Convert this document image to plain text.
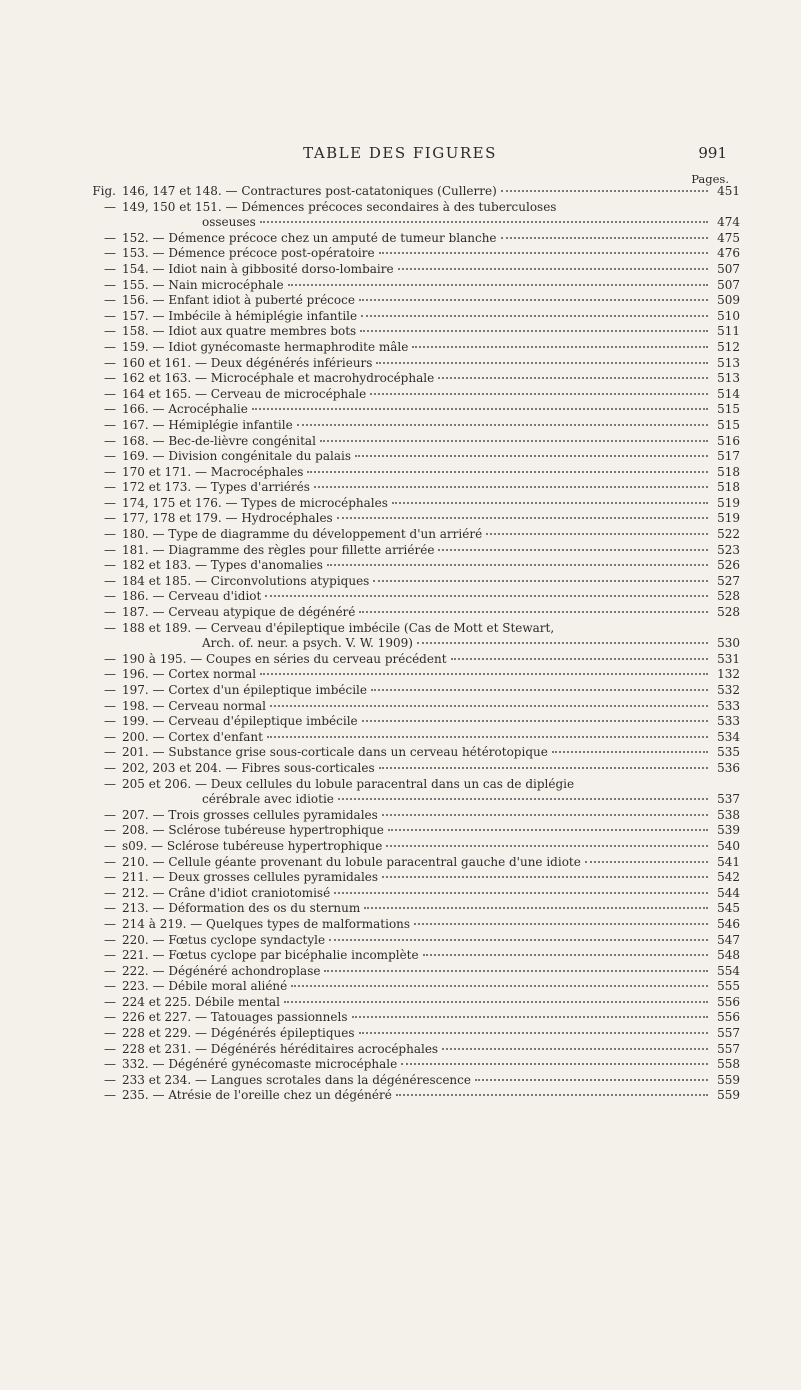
TABLE DES FIGURES	991
Pages.
Fig. 146, 147 et 148. — Contractures post-catatoniques (Cullerre)	451
— 149, 150 et 151. — Démences précoces secondaires à des tuberculoses
osseuses	474
— 152. — Démence précoce chez un amputé de tumeur blanche	475
— 153. — Démence précoce post-opératoire	476
— 154. — Idiot nain à gibbosité dorso-lombaire	507
— 155. — Nain microcéphale	507
— 156. — Enfant idiot à puberté précoce	509
— 157. — Imbécile à hémiplégie infantile	510
— 158. — Idiot aux quatre membres bots	511
— 159. — Idiot gynécomaste hermaphrodite mâle	512
— 160 et 161. — Deux dégénérés inférieurs	513
— 162 et 163. — Microcéphale et macrohydrocéphale	513
— 164 et 165. — Cerveau de microcéphale	514
— 166. — Acrocéphalie	515
— 167. — Hémiplégie infantile	515
— 168. — Bec-de-lièvre congénital	516
— 169. — Division congénitale du palais	517
— 170 et 171. — Macrocéphales	518
— 172 et 173. — Types d'arriérés	518
— 174, 175 et 176. — Types de microcéphales	519
— 177, 178 et 179. — Hydrocéphales	519
— 180. — Type de diagramme du développement d'un arriéré	522
— 181. — Diagramme des règles pour fillette arriérée	523
— 182 et 183. — Types d'anomalies	526
— 184 et 185. — Circonvolutions atypiques	527
— 186. — Cerveau d'idiot	528
— 187. — Cerveau atypique de dégénéré	528
— 188 et 189. — Cerveau d'épileptique imbécile (Cas de Mott et Stewart,
Arch. of. neur. a psych. V. W. 1909)	530
— 190 à 195. — Coupes en séries du cerveau précédent	531
— 196. — Cortex normal	132
— 197. — Cortex d'un épileptique imbécile	532
— 198. — Cerveau normal	533
— 199. — Cerveau d'épileptique imbécile	533
— 200. — Cortex d'enfant	534
— 201. — Substance grise sous-corticale dans un cerveau hétérotopique	535
— 202, 203 et 204. — Fibres sous-corticales	536
— 205 et 206. — Deux cellules du lobule paracentral dans un cas de diplégie
cérébrale avec idiotie	537
— 207. — Trois grosses cellules pyramidales	538
— 208. — Sclérose tubéreuse hypertrophique	539
— s09. — Sclérose tubéreuse hypertrophique	540
— 210. — Cellule géante provenant du lobule paracentral gauche d'une idiote	541
— 211. — Deux grosses cellules pyramidales	542
— 212. — Crâne d'idiot craniotomisé	544
— 213. — Déformation des os du sternum	545
— 214 à 219. — Quelques types de malformations	546
— 220. — Fœtus cyclope syndactyle	547
— 221. — Fœtus cyclope par bicéphalie incomplète	548
— 222. — Dégénéré achondroplase	554
— 223. — Débile moral aliéné	555
— 224 et 225. Débile mental	556
— 226 et 227. — Tatouages passionnels	556
— 228 et 229. — Dégénérés épileptiques	557
— 228 et 231. — Dégénérés héréditaires acrocéphales	557
— 332. — Dégénéré gynécomaste microcéphale	558
— 233 et 234. — Langues scrotales dans la dégénérescence	559
— 235. — Atrésie de l'oreille chez un dégénéré	559
